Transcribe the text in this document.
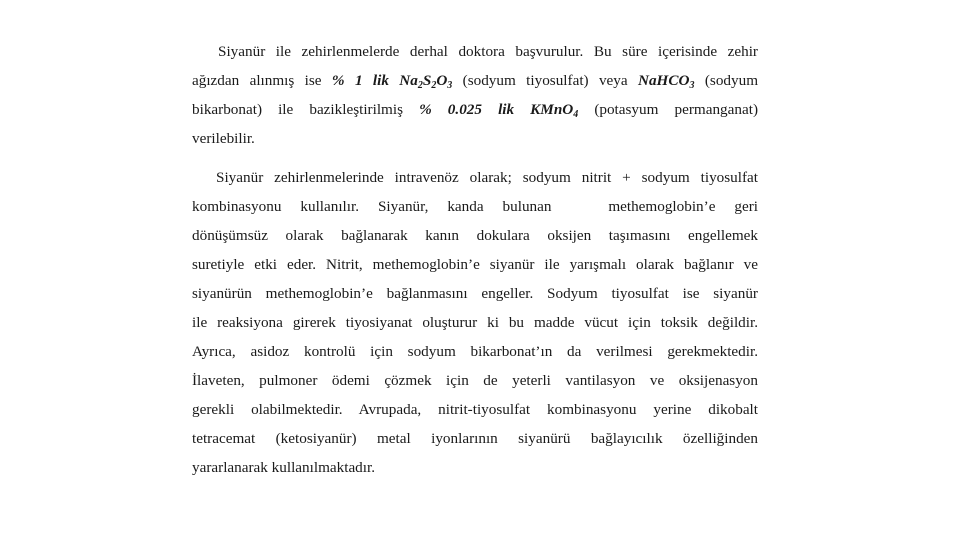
Siyanür ile zehirlenmelerde derhal doktora başvurulur. Bu süre içerisinde zehir
ağızdan alınmış ise % 1 lik $Na_2S_2O_3$ (sodyum tiyosulfat) veya NaHCO$_3$ (sodyum
bikarbonat) ile bazikleştirilmiş % 0.025 lik KMnO$_4$ (potasyum permanganat)
verilebilir.
Siyanür zehirlenmelerinde intravenöz olarak; sodyum nitrit + sodyum tiyosulfat
kombinasyonu kullanılır. Siyanür, kanda bulunan   methemoglobin’e geri
dönüşümsüz olarak bağlanarak kanın dokulara oksijen taşımasını engellemek
suretiyle etki eder. Nitrit, methemoglobin’e siyanür ile yarışmalı olarak bağlanır ve
siyanürün methemoglobin’e bağlanmasını engeller. Sodyum tiyosulfat ise siyanür
ile reaksiyona girerek tiyosiyanat oluşturur ki bu madde vücut için toksik değildir.
Ayrıca, asidoz kontrolü için sodyum bikarbonat’ın da verilmesi gerekmektedir.
İlaveten, pulmoner ödemi çözmek için de yeterli vantilasyon ve oksijenasyon
gerekli olabilmektedir. Avrupada, nitrit-tiyosulfat kombinasyonu yerine dikobalt
tetracemat (ketosiyanür) metal iyonlarının siyanürü bağlayıcılık özelliğinden
yararlanarak kullanılmaktadır.
